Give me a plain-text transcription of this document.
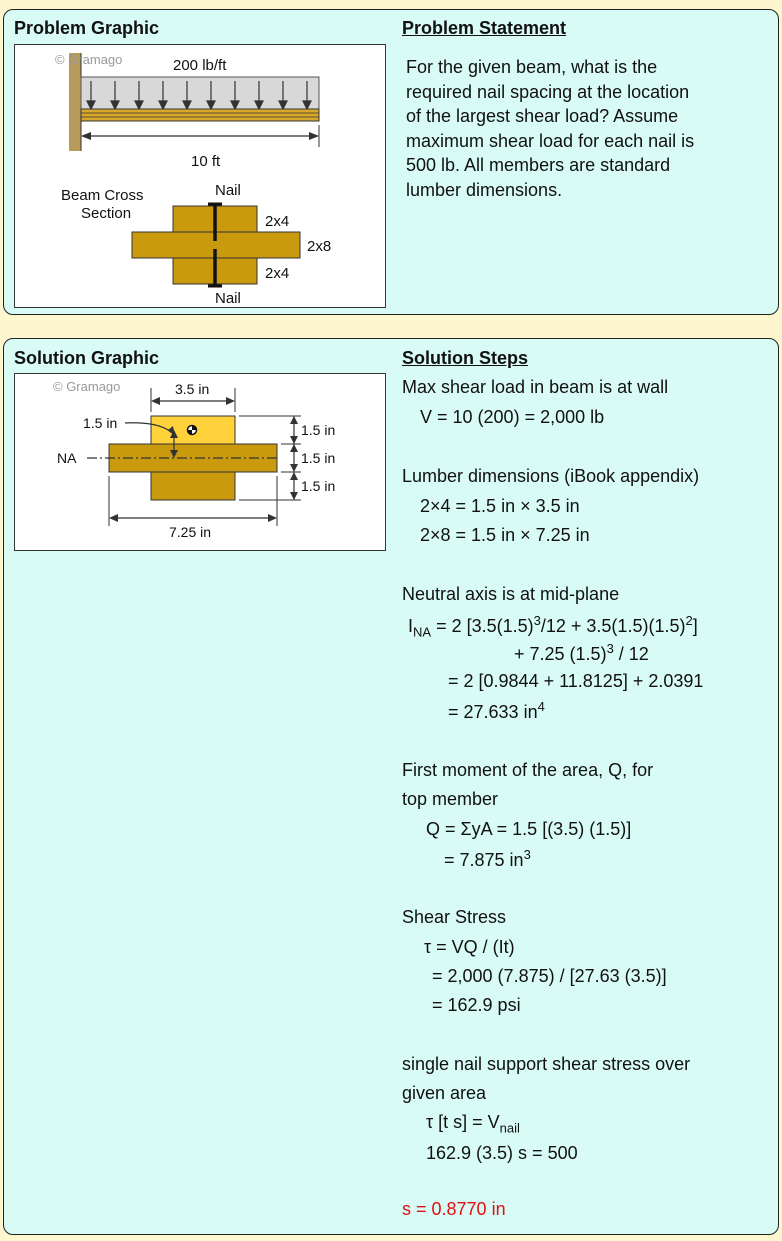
Problem Graphic	Problem Statement
© Gramago	200 lb/ft
10 ft
Beam Cross
Section
Nail
2x4
2x8
2x4
Nail
For the given beam, what is the
required nail spacing at the location
of the largest shear load? Assume
maximum shear load for each nail is
500 lb. All members are standard
lumber dimensions.
Solution Graphic	Solution Steps
© Gramago	3.5 in
1.5 in
NA
1.5 in
1.5 in
1.5 in
7.25 in
Max shear load in beam is at wall
V = 10 (200) = 2,000 lb
Lumber dimensions (iBook appendix)
2×4 = 1.5 in × 3.5 in
2×8 = 1.5 in × 7.25 in
Neutral axis is at mid-plane
$I_{NA} = 2$ $[3.5(1.5)^3/12 + 3.5(1.5)(1.5)^2]$
+ 7.25 $(1.5)^3 / 12$
= 2 [0.9844 + 11.8125] + 2.0391
= 27.633 $in^4$
First moment of the area, Q, for
top member
Q = ΣyA = 1.5 [(3.5) (1.5)]
= 7.875 $in^3$
Shear Stress
τ = VQ / (It)
= 2,000 (7.875) / [27.63 (3.5)]
= 162.9 psi
single nail support shear stress over
given area
τ [t $s] = V_{nail}$
162.9 (3.5) s = 500
s = 0.8770 in
